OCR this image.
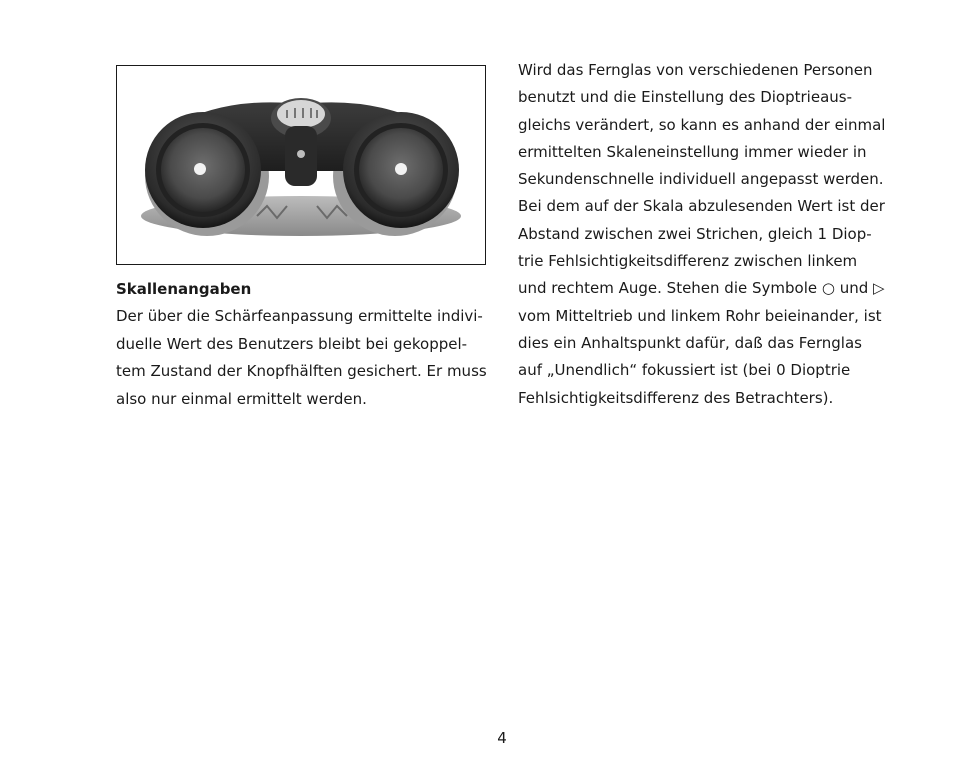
Skallenangaben
Der über die Schärfeanpassung ermittelte indivi-
duelle Wert des Benutzers bleibt bei gekoppel-
tem Zustand der Knopfhälften gesichert. Er muss
also nur einmal ermittelt werden.
Wird das Fernglas von verschiedenen Personen
benutzt und die Einstellung des Dioptrieaus-
gleichs verändert, so kann es anhand der einmal
ermittelten Skaleneinstellung immer wieder in
Sekundenschnelle individuell angepasst werden.
Bei dem auf der Skala abzulesenden Wert ist der
Abstand zwischen zwei Strichen, gleich 1 Diop-
trie Fehlsichtigkeitsdifferenz zwischen linkem
und rechtem Auge. Stehen die Symbole ○ und ▷
vom Mitteltrieb und linkem Rohr beieinander, ist
dies ein Anhaltspunkt dafür, daß das Fernglas
auf „Unendlich“ fokussiert ist (bei 0 Dioptrie
Fehlsichtigkeitsdifferenz des Betrachters).
4
